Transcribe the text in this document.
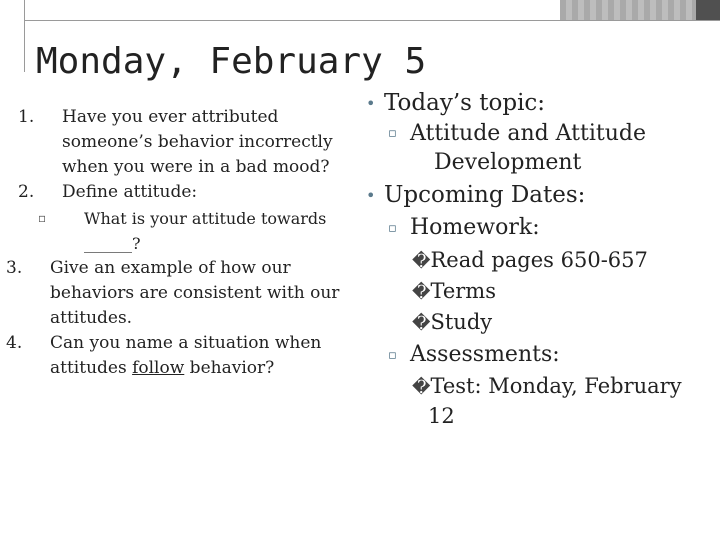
Monday, February 5
1. Have you ever attributed someone’s behavior incorrectly when you were in a bad mood?
2. Define attitude:
▫ What is your attitude towards ______?
3. Give an example of how our behaviors are consistent with our attitudes.
4. Can you name a situation when attitudes follow behavior?
• Today’s topic:
▫ Attitude and Attitude
Development
• Upcoming Dates:
▫ Homework:
�Read pages 650-657
�Terms
�Study
▫ Assessments:
�Test: Monday, February
12
